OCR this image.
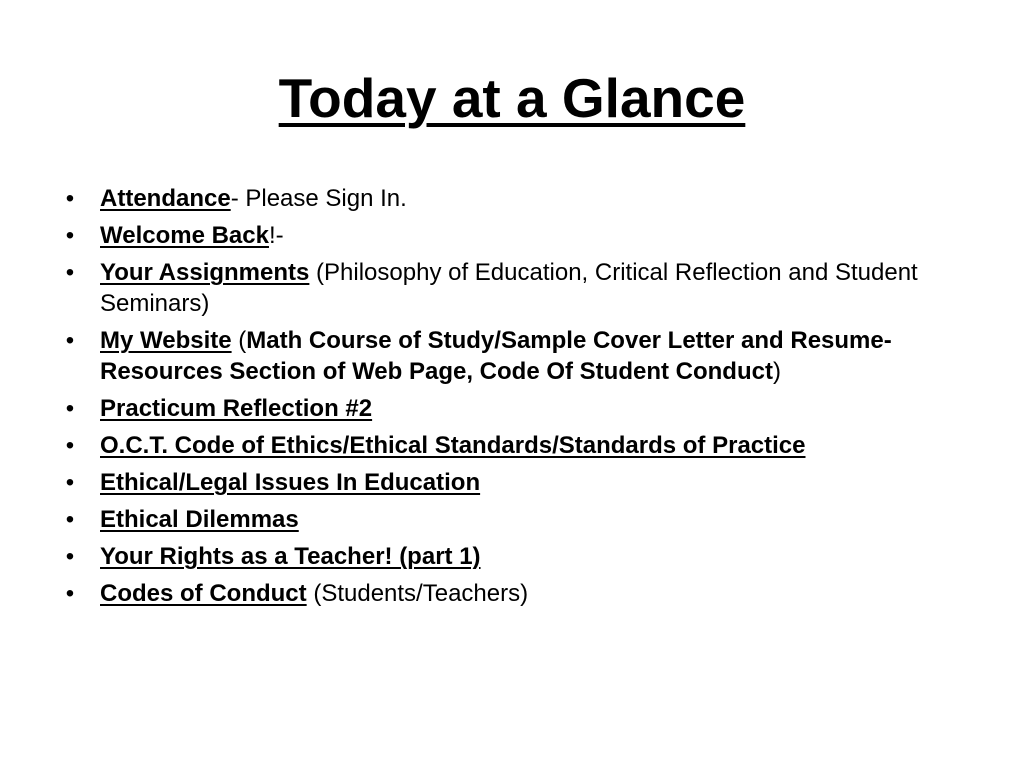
Today at a Glance
• Attendance- Please Sign In.
• Welcome Back!-
• Your Assignments (Philosophy of Education, Critical Reflection and Student Seminars)
• My Website (Math Course of Study/Sample Cover Letter and Resume- Resources Section of Web Page, Code Of Student Conduct)
• Practicum Reflection #2
• O.C.T. Code of Ethics/Ethical Standards/Standards of Practice
• Ethical/Legal Issues In Education
• Ethical Dilemmas
• Your Rights as a Teacher! (part 1)
• Codes of Conduct (Students/Teachers)
